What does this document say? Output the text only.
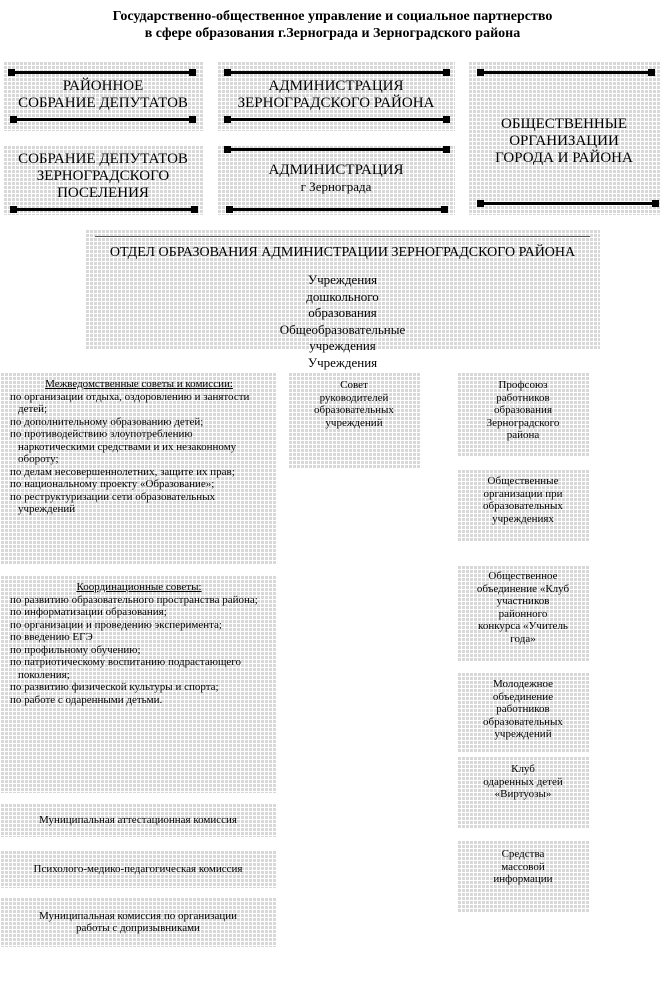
Государственно-общественное управление и социальное партнерство
в сфере образования г.Зернограда и Зерноградского района
РАЙОННОЕ
СОБРАНИЕ ДЕПУТАТОВ
АДМИНИСТРАЦИЯ
ЗЕРНОГРАДСКОГО РАЙОНА
ОБЩЕСТВЕННЫЕ
ОРГАНИЗАЦИИ
ГОРОДА И РАЙОНА
СОБРАНИЕ ДЕПУТАТОВ
ЗЕРНОГРАДСКОГО
ПОСЕЛЕНИЯ
АДМИНИСТРАЦИЯ
г Зернограда
ОТДЕЛ ОБРАЗОВАНИЯ АДМИНИСТРАЦИИ ЗЕРНОГРАДСКОГО РАЙОНА
Учреждения
дошкольного
образования
Общеобразовательные
учреждения
Учреждения
Межведомственные советы и комиссии:
по организации отдыха, оздоровлению и занятости детей;
по дополнительному образованию детей;
по противодействию злоупотреблению наркотическими средствами и их незаконному обороту;
по делам несовершеннолетних, защите их прав;
по национальному проекту «Образование»;
по реструктуризации сети образовательных учреждений
Координационные советы:
по развитию образовательного пространства района;
по информатизации образования;
по организации и проведению эксперимента;
по введению ЕГЭ
по профильному обучению;
по патриотическому воспитанию подрастающего поколения;
по развитию физической культуры и спорта;
по работе с одаренными детьми.
Муниципальная аттестационная комиссия
Психолого-медико-педагогическая комиссия
Муниципальная комиссия по организации
работы с допризывниками
Совет
руководителей
образовательных
учреждений
Профсоюз
работников
образования
Зерноградского
района
Общественные
организации при
образовательных
учреждениях
Общественное
объединение «Клуб
участников
районного
конкурса «Учитель
года»
Молодежное
объединение
работников
образовательных
учреждений
Клуб
одаренных детей
«Виртуозы»
Средства
массовой
информации
